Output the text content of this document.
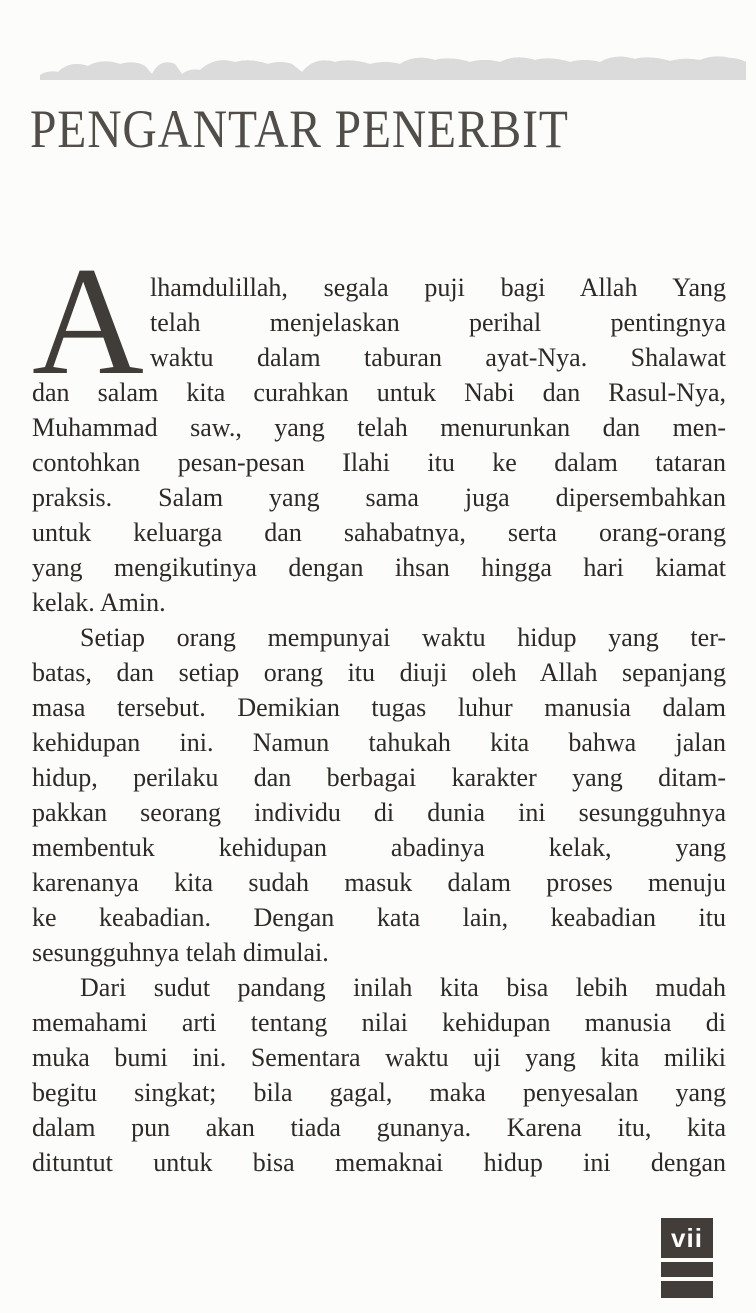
PENGANTAR PENERBIT
A lhamdulillah, segala puji bagi Allah Yang
telah menjelaskan perihal pentingnya
waktu dalam taburan ayat-Nya. Shalawat
dan salam kita curahkan untuk Nabi dan Rasul-Nya,
Muhammad saw., yang telah menurunkan dan men-
contohkan pesan-pesan Ilahi itu ke dalam tataran
praksis. Salam yang sama juga dipersembahkan
untuk keluarga dan sahabatnya, serta orang-orang
yang mengikutinya dengan ihsan hingga hari kiamat
kelak. Amin.
Setiap orang mempunyai waktu hidup yang ter-
batas, dan setiap orang itu diuji oleh Allah sepanjang
masa tersebut. Demikian tugas luhur manusia dalam
kehidupan ini. Namun tahukah kita bahwa jalan
hidup, perilaku dan berbagai karakter yang ditam-
pakkan seorang individu di dunia ini sesungguhnya
membentuk kehidupan abadinya kelak, yang
karenanya kita sudah masuk dalam proses menuju
ke keabadian. Dengan kata lain, keabadian itu
sesungguhnya telah dimulai.
Dari sudut pandang inilah kita bisa lebih mudah
memahami arti tentang nilai kehidupan manusia di
muka bumi ini. Sementara waktu uji yang kita miliki
begitu singkat; bila gagal, maka penyesalan yang
dalam pun akan tiada gunanya. Karena itu, kita
dituntut untuk bisa memaknai hidup ini dengan
vii
